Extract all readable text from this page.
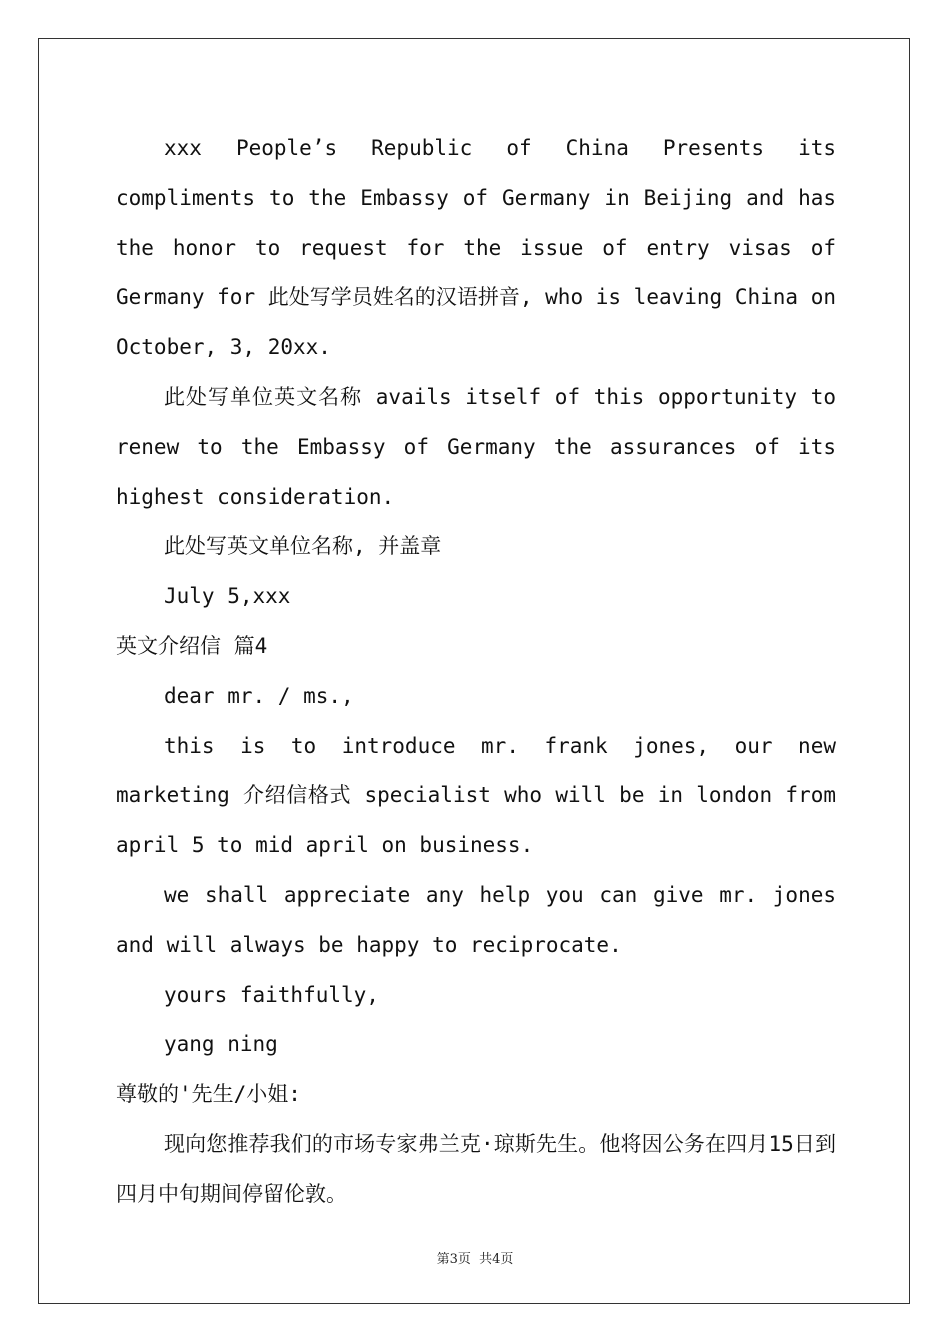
xxx People’s Republic of China Presents its compliments to the Embassy of Germany in Beijing and has the honor to request for the issue of entry visas of Germany for 此处写学员姓名的汉语拼音, who is leaving China on October, 3, 20xx.

此处写单位英文名称 avails itself of this opportunity to renew to the Embassy of Germany the assurances of its highest consideration.

此处写英文单位名称, 并盖章

July 5,xxx

英文介绍信 篇4

dear mr. / ms.,

this is to introduce mr. frank jones, our new marketing 介绍信格式 specialist who will be in london from april 5 to mid april on business.

we shall appreciate any help you can give mr. jones and will always be happy to reciprocate.

yours faithfully,

yang ning

尊敬的'先生/小姐:

现向您推荐我们的市场专家弗兰克·琼斯先生。他将因公务在四月15日到四月中旬期间停留伦敦。

第3页  共4页
